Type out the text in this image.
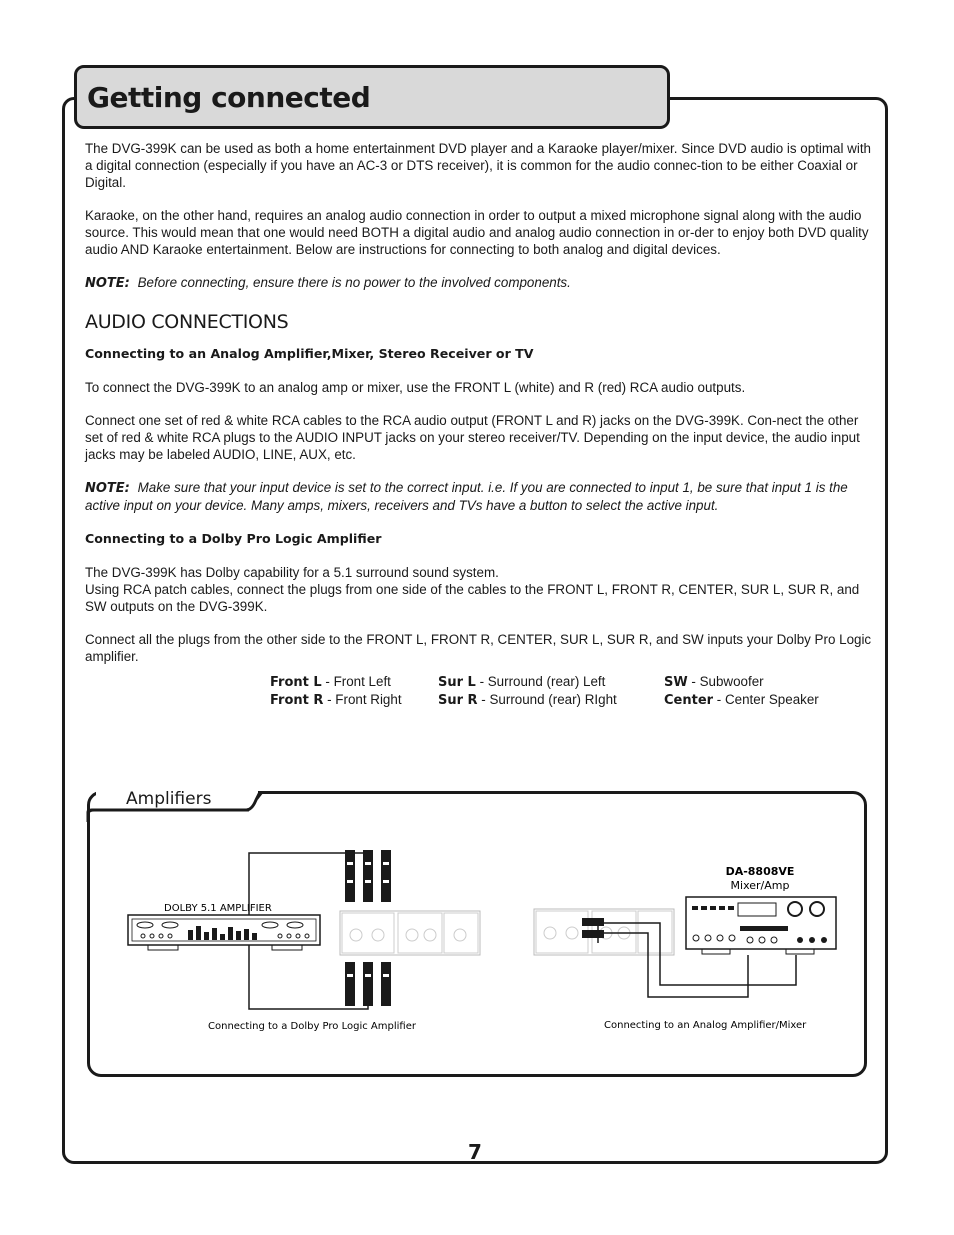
Getting connected

The DVG-399K can be used as both a home entertainment DVD player and a Karaoke player/mixer. Since DVD audio is optimal with a digital connection (especially if you have an AC-3 or DTS receiver), it is common for the audio connec-tion to be either Coaxial or Digital.

Karaoke, on the other hand, requires an analog audio connection in order to output a mixed microphone signal along with the audio source. This would mean that one would need BOTH a digital audio and analog audio connection in or-der to enjoy both DVD quality audio AND Karaoke entertainment. Below are instructions for connecting to both analog and digital devices.

NOTE: Before connecting, ensure there is no power to the involved components.

AUDIO CONNECTIONS
Connecting to an Analog Amplifier,Mixer, Stereo Receiver or TV

To connect the DVG-399K to an analog amp or mixer, use the FRONT L (white) and R (red) RCA audio outputs.

Connect one set of red & white RCA cables to the RCA audio output (FRONT L and R) jacks on the DVG-399K. Con-nect the other set of red & white RCA plugs to the AUDIO INPUT jacks on your stereo receiver/TV. Depending on the input device, the audio input jacks may be labeled AUDIO, LINE, AUX, etc.

NOTE: Make sure that your input device is set to the correct input. i.e. If you are connected to input 1, be sure that input 1 is the active input on your device. Many amps, mixers, receivers and TVs have a button to select the active input.

Connecting to a Dolby Pro Logic Amplifier

The DVG-399K has Dolby capability for a 5.1 surround sound system.
Using RCA patch cables, connect the plugs from one side of the cables to the FRONT L, FRONT R, CENTER, SUR L, SUR R, and SW outputs on the DVG-399K.

Connect all the plugs from the other side to the FRONT L, FRONT R, CENTER, SUR L, SUR R, and SW inputs your Dolby Pro Logic amplifier.

Front L - Front Left	Sur L - Surround (rear) Left	SW - Subwoofer
Front R - Front Right	Sur R - Surround (rear) RIght	Center - Center Speaker
DOLBY 5.1 AMPLIFIER
Connecting to a Dolby Pro Logic Amplifier
DA-8808VE
Mixer/Amp
Connecting to an Analog Amplifier/Mixer
Amplifiers
7
